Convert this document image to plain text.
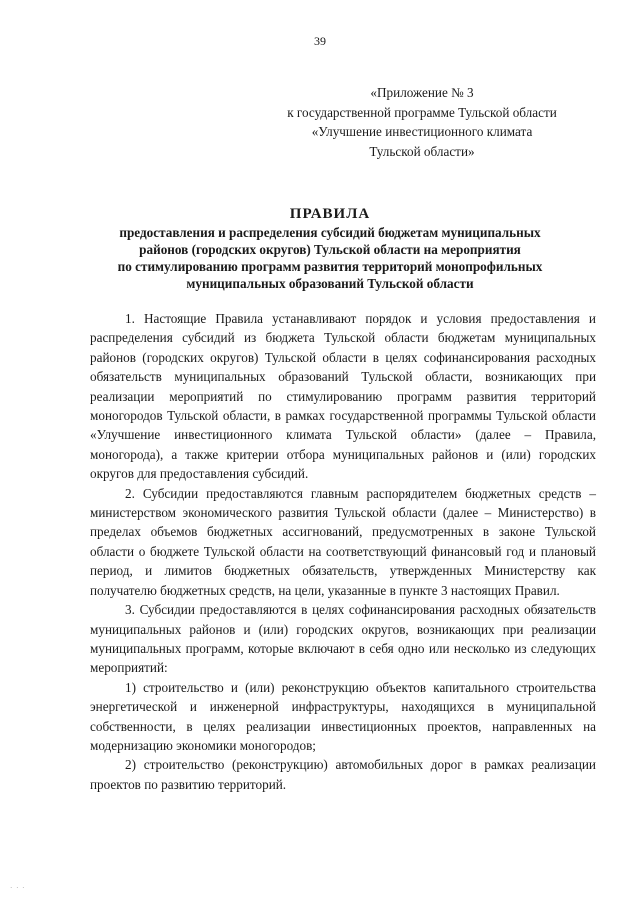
39
«Приложение № 3
к государственной программе Тульской области
«Улучшение инвестиционного климата
Тульской области»
ПРАВИЛА
предоставления и распределения субсидий бюджетам муниципальных
районов (городских округов) Тульской области на мероприятия
по стимулированию программ развития территорий монопрофильных
муниципальных образований Тульской области

1. Настоящие Правила устанавливают порядок и условия предоставления и распределения субсидий из бюджета Тульской области бюджетам муниципальных районов (городских округов) Тульской области в целях софинансирования расходных обязательств муниципальных образований Тульской области, возникающих при реализации мероприятий по стимулированию программ развития территорий моногородов Тульской области, в рамках государственной программы Тульской области «Улучшение инвестиционного климата Тульской области» (далее – Правила, моногорода), а также критерии отбора муниципальных районов и (или) городских округов для предоставления субсидий.

2. Субсидии предоставляются главным распорядителем бюджетных средств – министерством экономического развития Тульской области (далее – Министерство) в пределах объемов бюджетных ассигнований, предусмотренных в законе Тульской области о бюджете Тульской области на соответствующий финансовый год и плановый период, и лимитов бюджетных обязательств, утвержденных Министерству как получателю бюджетных средств, на цели, указанные в пункте 3 настоящих Правил.

3. Субсидии предоставляются в целях софинансирования расходных обязательств муниципальных районов и (или) городских округов, возникающих при реализации муниципальных программ, которые включают в себя одно или несколько из следующих мероприятий:

1) строительство и (или) реконструкцию объектов капитального строительства энергетической и инженерной инфраструктуры, находящихся в муниципальной собственности, в целях реализации инвестиционных проектов, направленных на модернизацию экономики моногородов;

2) строительство (реконструкцию) автомобильных дорог в рамках реализации проектов по развитию территорий.

· · ·
